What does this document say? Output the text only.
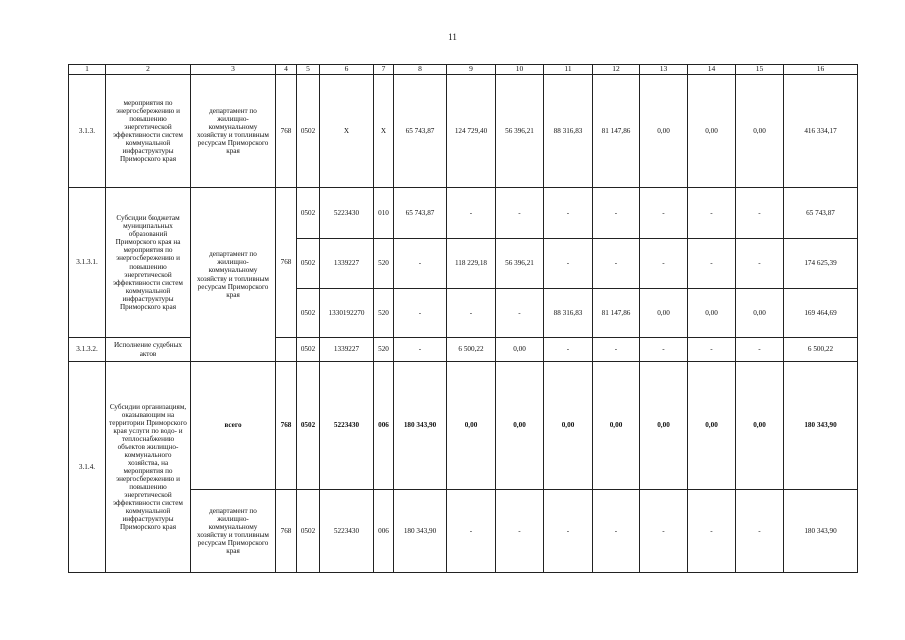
11
1	2	3	4	5	6	7	8	9	10	11	12	13	14	15	16
3.1.3.	мероприятия по энергосбережению и повышению энергетической эффективности систем коммунальной инфраструктуры Приморского края	департамент по жилищно-коммунальному хозяйству и топливным ресурсам Приморского края	768	0502	X	X	65 743,87	124 729,40	56 396,21	88 316,83	81 147,86	0,00	0,00	0,00	416 334,17
3.1.3.1.	Субсидии бюджетам муниципальных образований Приморского края на мероприятия по энергосбережению и повышению энергетической эффективности систем коммунальной инфраструктуры Приморского края	департамент по жилищно-коммунальному хозяйству и топливным ресурсам Приморского края	768	0502	5223430	010	65 743,87	-	-	-	-	-	-	-	65 743,87
				0502	1339227	520	-	118 229,18	56 396,21	-	-	-	-	-	174 625,39
				0502	1330192270	520	-	-	-	88 316,83	81 147,86	0,00	0,00	0,00	169 464,69
3.1.3.2.	Исполнение судебных актов			0502	1339227	520	-	6 500,22	0,00	-	-	-	-	-	6 500,22
3.1.4.	Субсидии организациям, оказывающим на территории Приморского края услуги по водо- и теплоснабжению объектов жилищно-коммунального хозяйства, на мероприятия по энергосбережению и повышению энергетической эффективности систем коммунальной инфраструктуры Приморского края	всего	768	0502	5223430	006	180 343,90	0,00	0,00	0,00	0,00	0,00	0,00	0,00	180 343,90
		департамент по жилищно-коммунальному хозяйству и топливным ресурсам Приморского края	768	0502	5223430	006	180 343,90	-	-	-	-	-	-	-	180 343,90
